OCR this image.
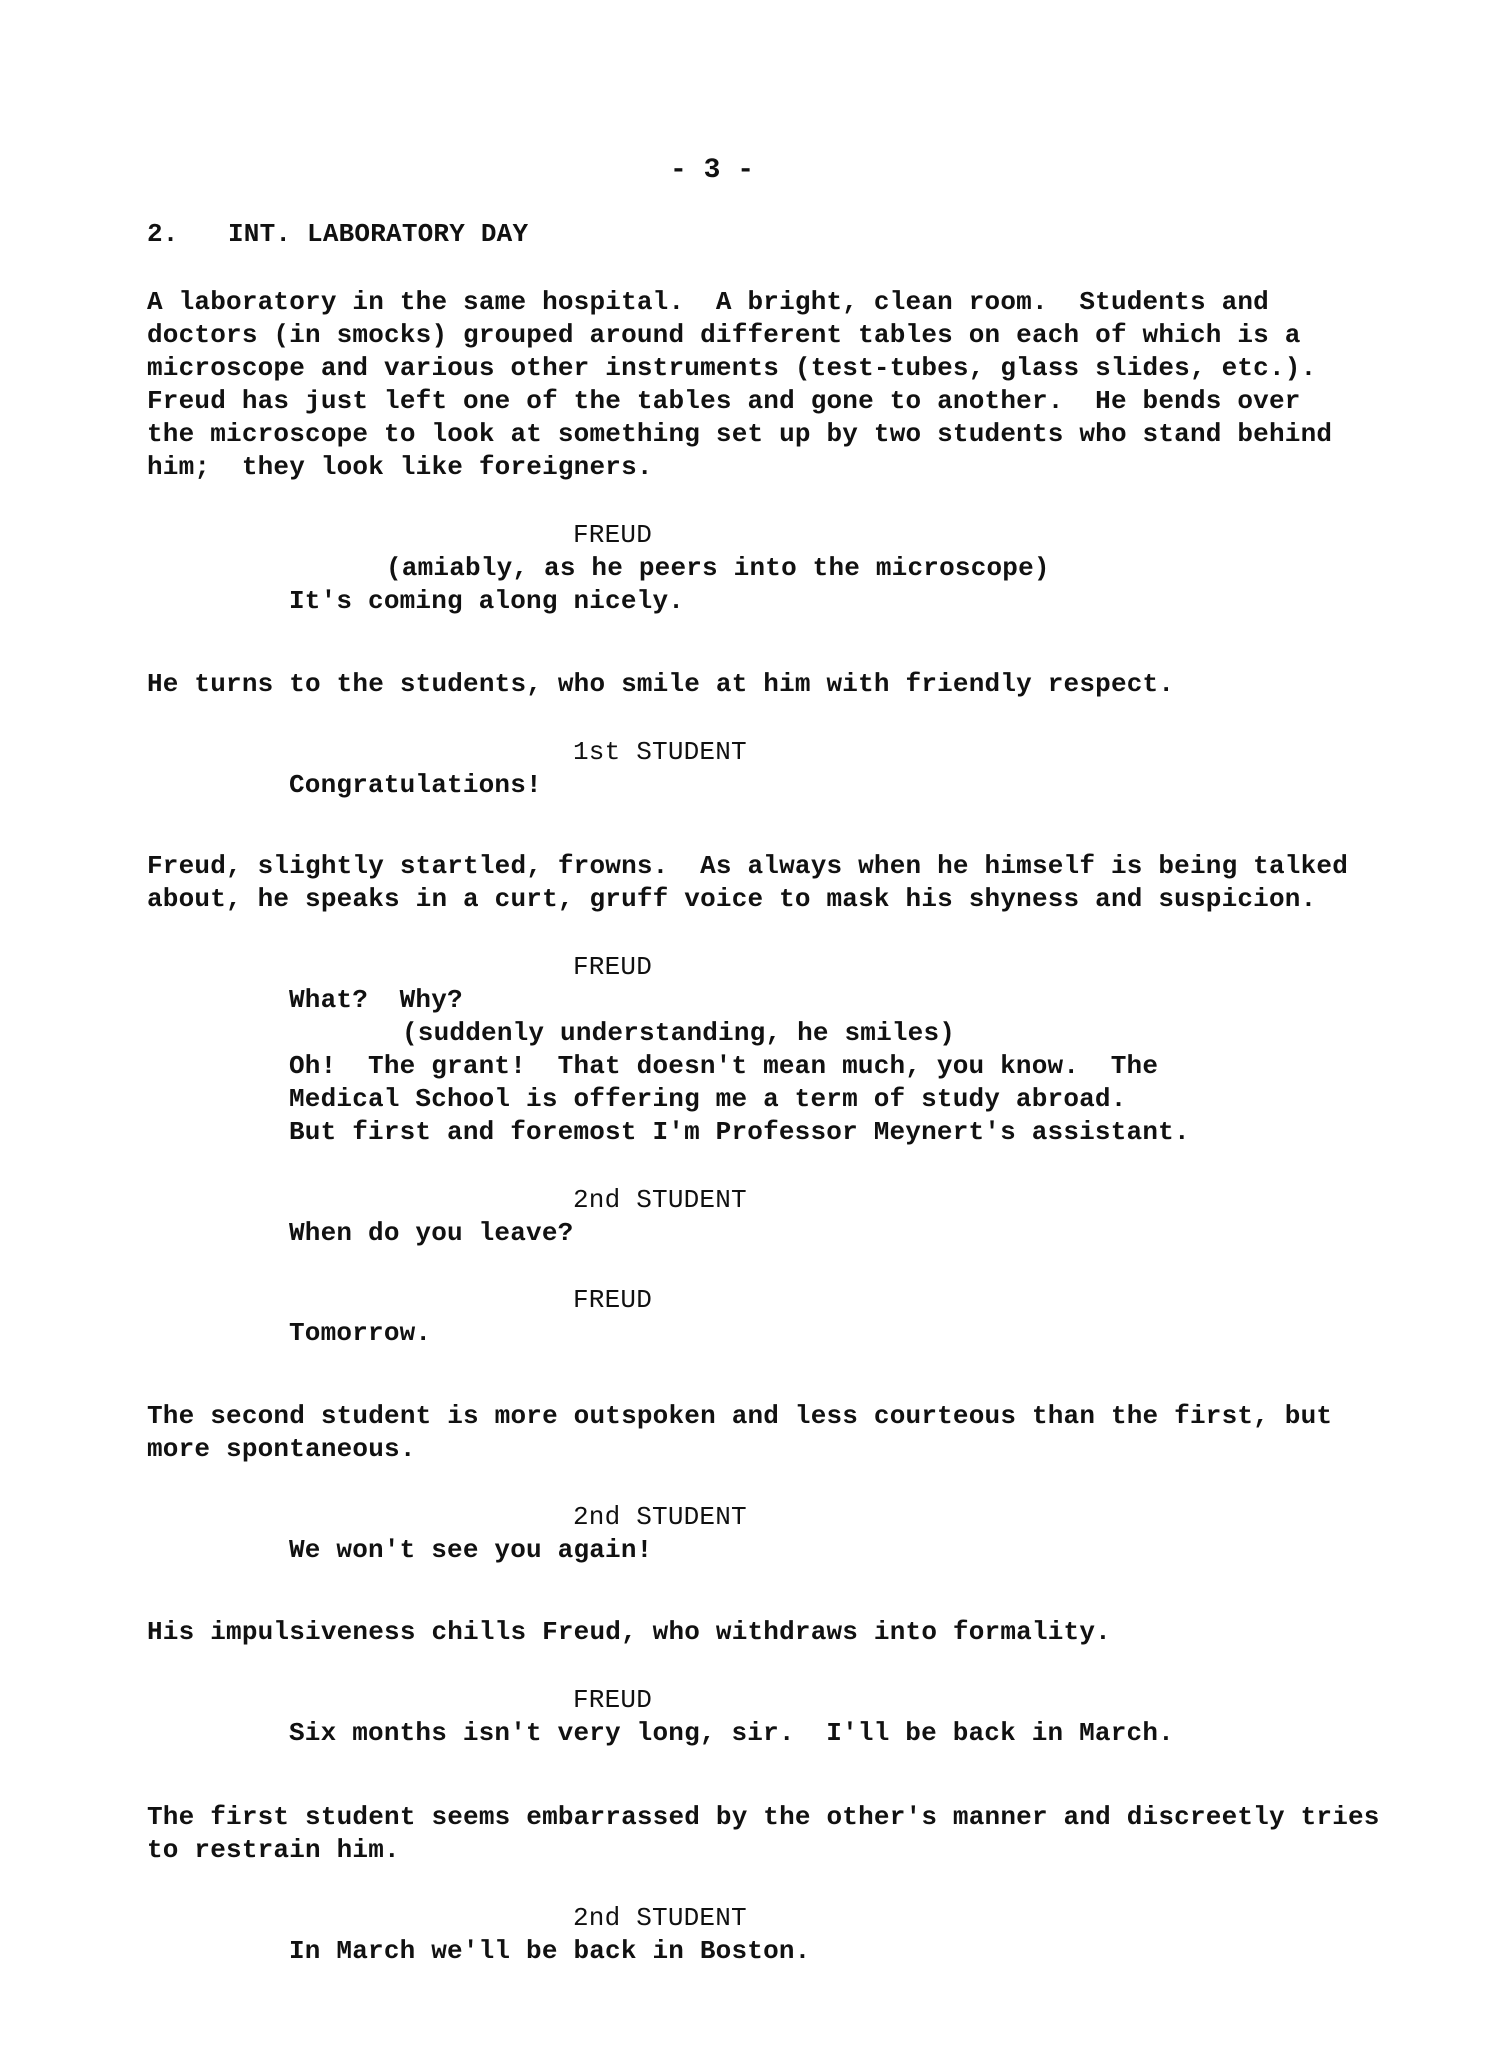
- 3 -
2. INT. LABORATORY DAY
A laboratory in the same hospital.  A bright, clean room.  Students and
doctors (in smocks) grouped around different tables on each of which is a
microscope and various other instruments (test-tubes, glass slides, etc.).
Freud has just left one of the tables and gone to another.  He bends over
the microscope to look at something set up by two students who stand behind
him;  they look like foreigners.
FREUD
(amiably, as he peers into the microscope)
It's coming along nicely.
He turns to the students, who smile at him with friendly respect.
1st STUDENT
Congratulations!
Freud, slightly startled, frowns.  As always when he himself is being talked
about, he speaks in a curt, gruff voice to mask his shyness and suspicion.
FREUD
What?  Why?
(suddenly understanding, he smiles)
Oh!  The grant!  That doesn't mean much, you know.  The
Medical School is offering me a term of study abroad.
But first and foremost I'm Professor Meynert's assistant.
2nd STUDENT
When do you leave?
FREUD
Tomorrow.
The second student is more outspoken and less courteous than the first, but
more spontaneous.
2nd STUDENT
We won't see you again!
His impulsiveness chills Freud, who withdraws into formality.
FREUD
Six months isn't very long, sir.  I'll be back in March.
The first student seems embarrassed by the other's manner and discreetly tries
to restrain him.
2nd STUDENT
In March we'll be back in Boston.
